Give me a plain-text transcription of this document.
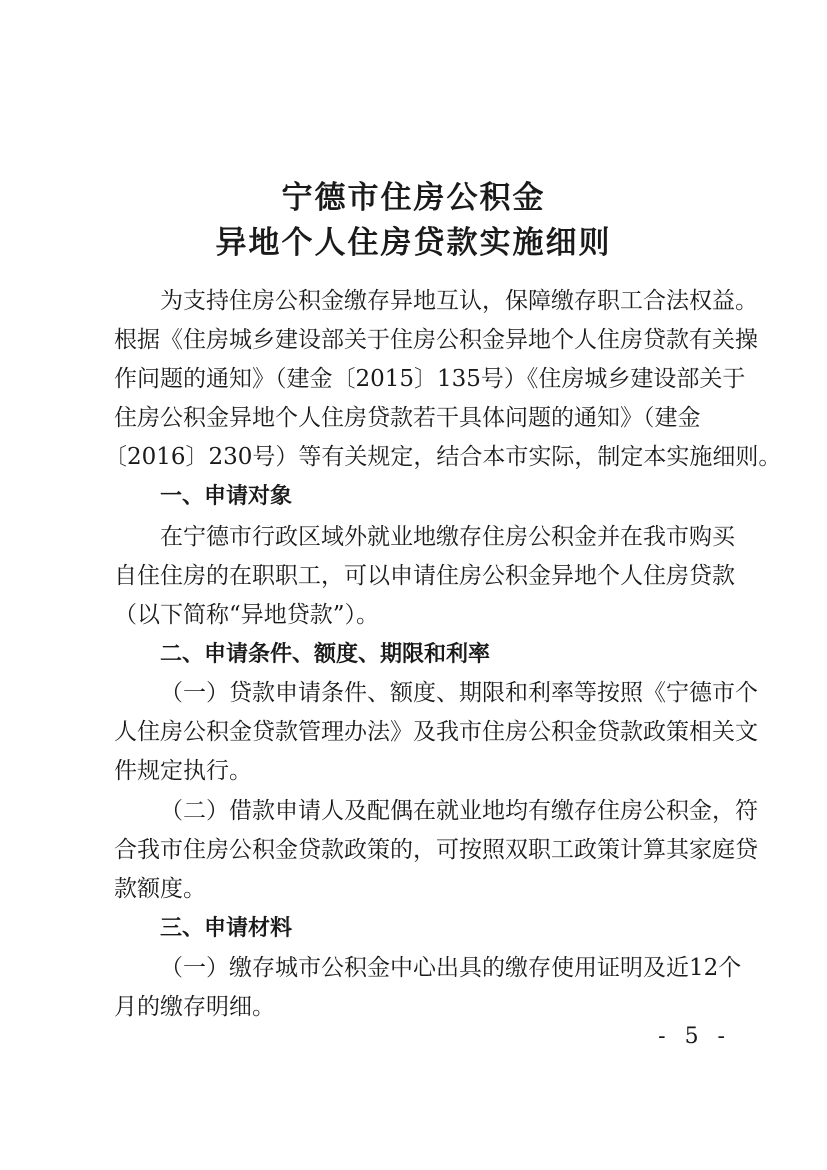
宁德市住房公积金
异地个人住房贷款实施细则
为支持住房公积金缴存异地互认，保障缴存职工合法权益。
根据《住房城乡建设部关于住房公积金异地个人住房贷款有关操
作问题的通知》（建金〔2015〕135号）《住房城乡建设部关于
住房公积金异地个人住房贷款若干具体问题的通知》（建金
〔2016〕230号）等有关规定，结合本市实际，制定本实施细则。
一、申请对象
在宁德市行政区域外就业地缴存住房公积金并在我市购买
自住住房的在职职工，可以申请住房公积金异地个人住房贷款
（以下简称“异地贷款”）。
二、申请条件、额度、期限和利率
（一）贷款申请条件、额度、期限和利率等按照《宁德市个
人住房公积金贷款管理办法》及我市住房公积金贷款政策相关文
件规定执行。
（二）借款申请人及配偶在就业地均有缴存住房公积金，符
合我市住房公积金贷款政策的，可按照双职工政策计算其家庭贷
款额度。
三、申请材料
（一）缴存城市公积金中心出具的缴存使用证明及近12个
月的缴存明细。
- 5 -
